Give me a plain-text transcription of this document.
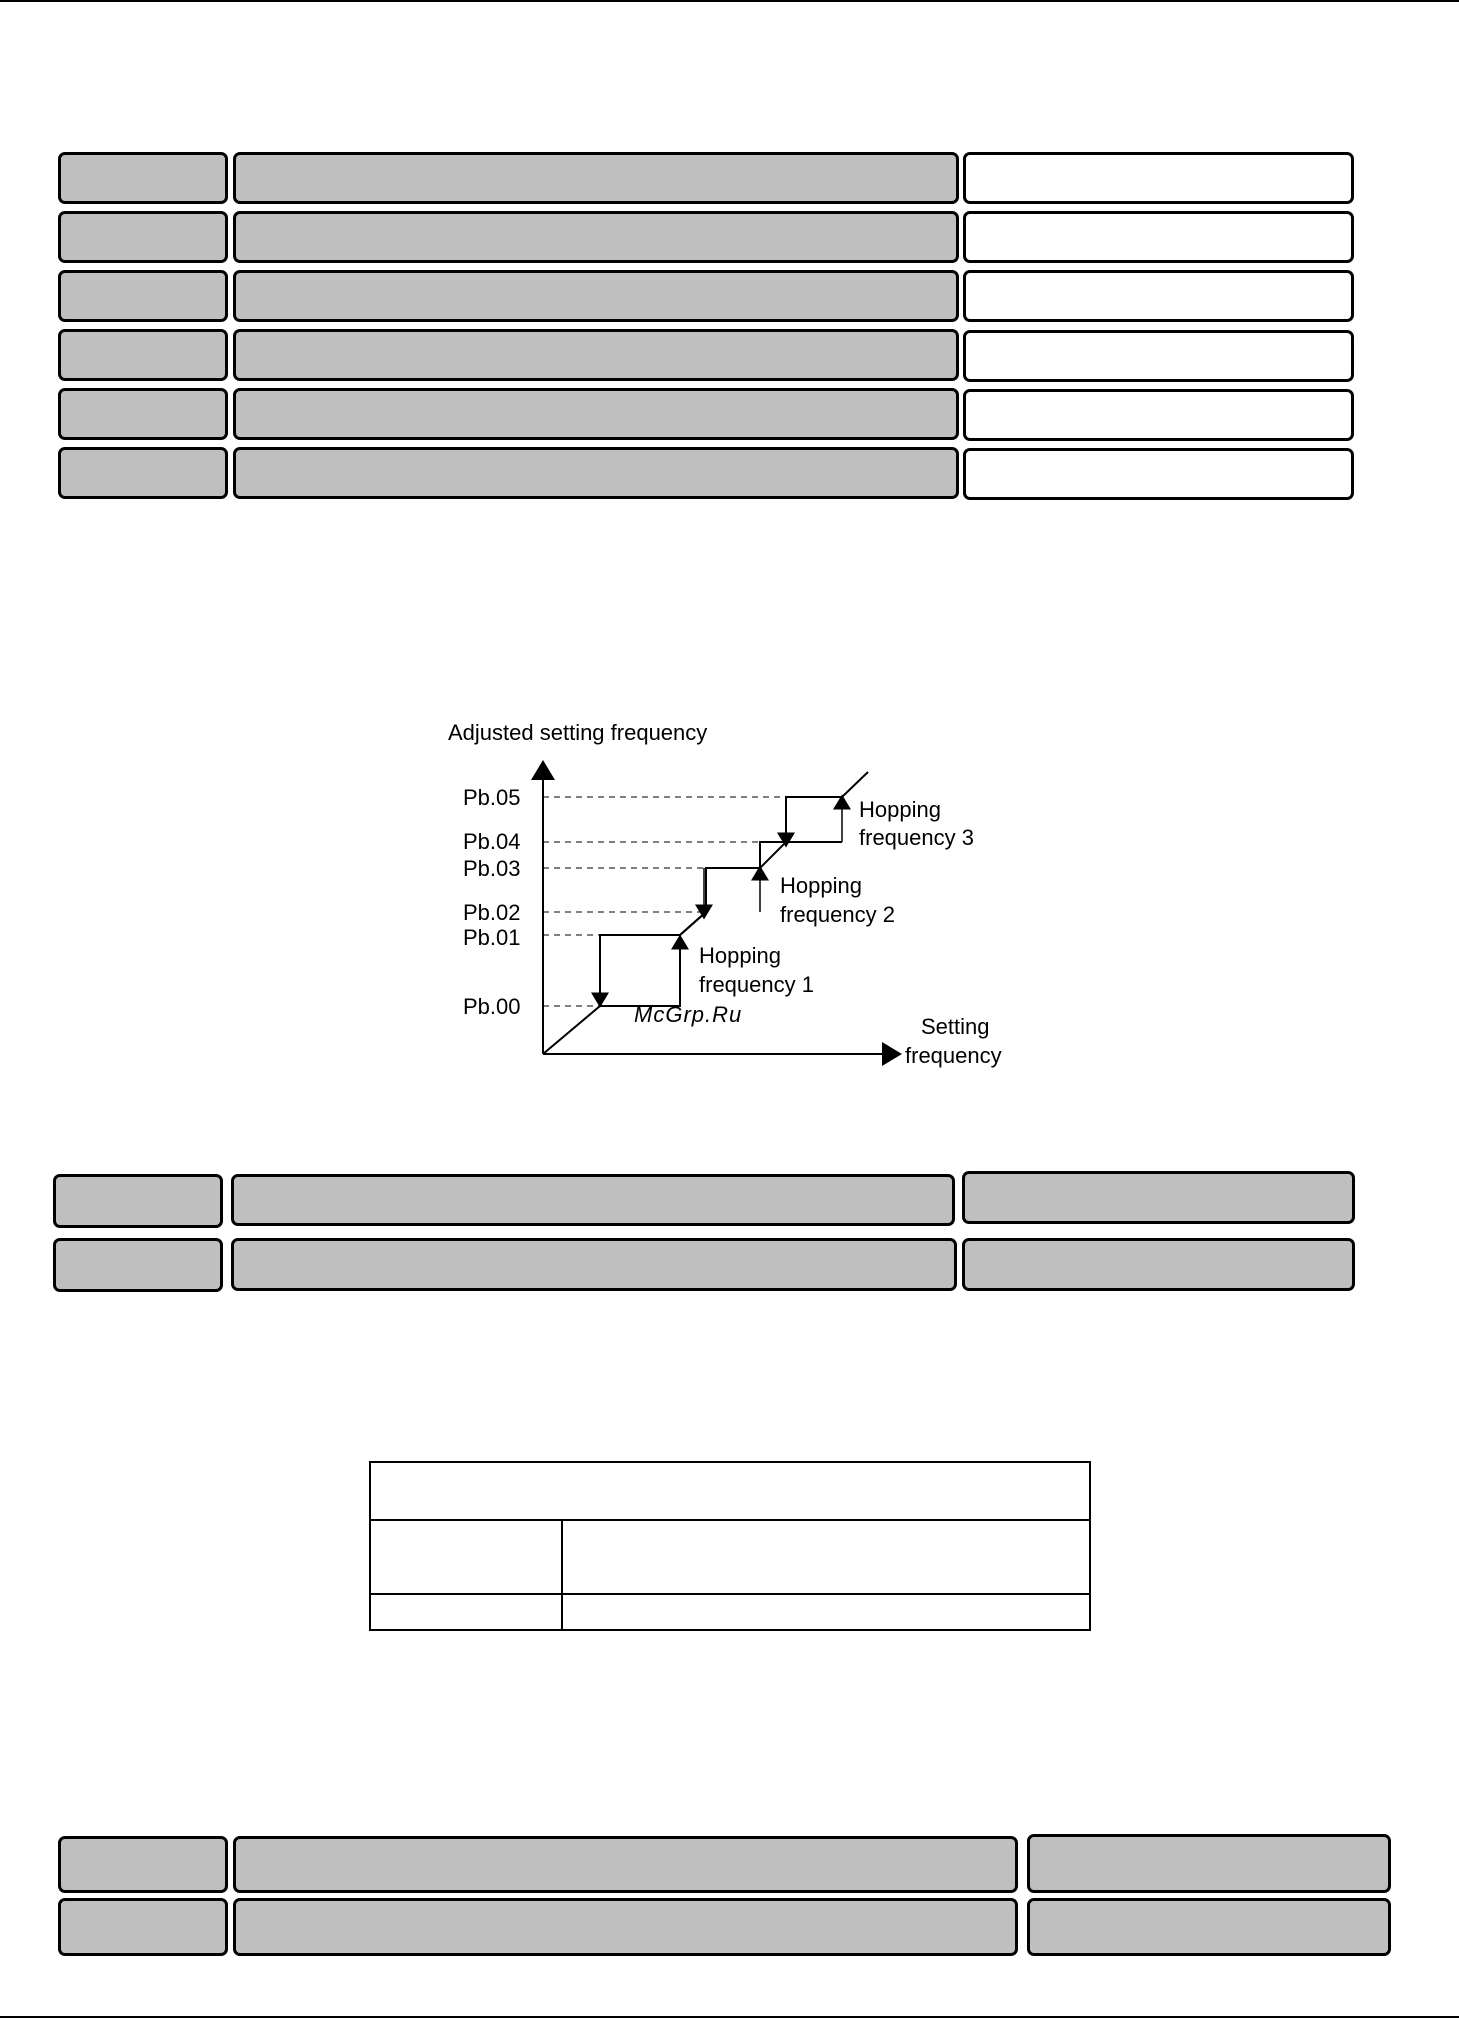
Adjusted setting frequency
Pb.05
Pb.04
Pb.03
Pb.02
Pb.01
Pb.00
Hopping
frequency 1
Hopping
frequency 2
Hopping
frequency 3
Setting
frequency
McGrp.Ru
